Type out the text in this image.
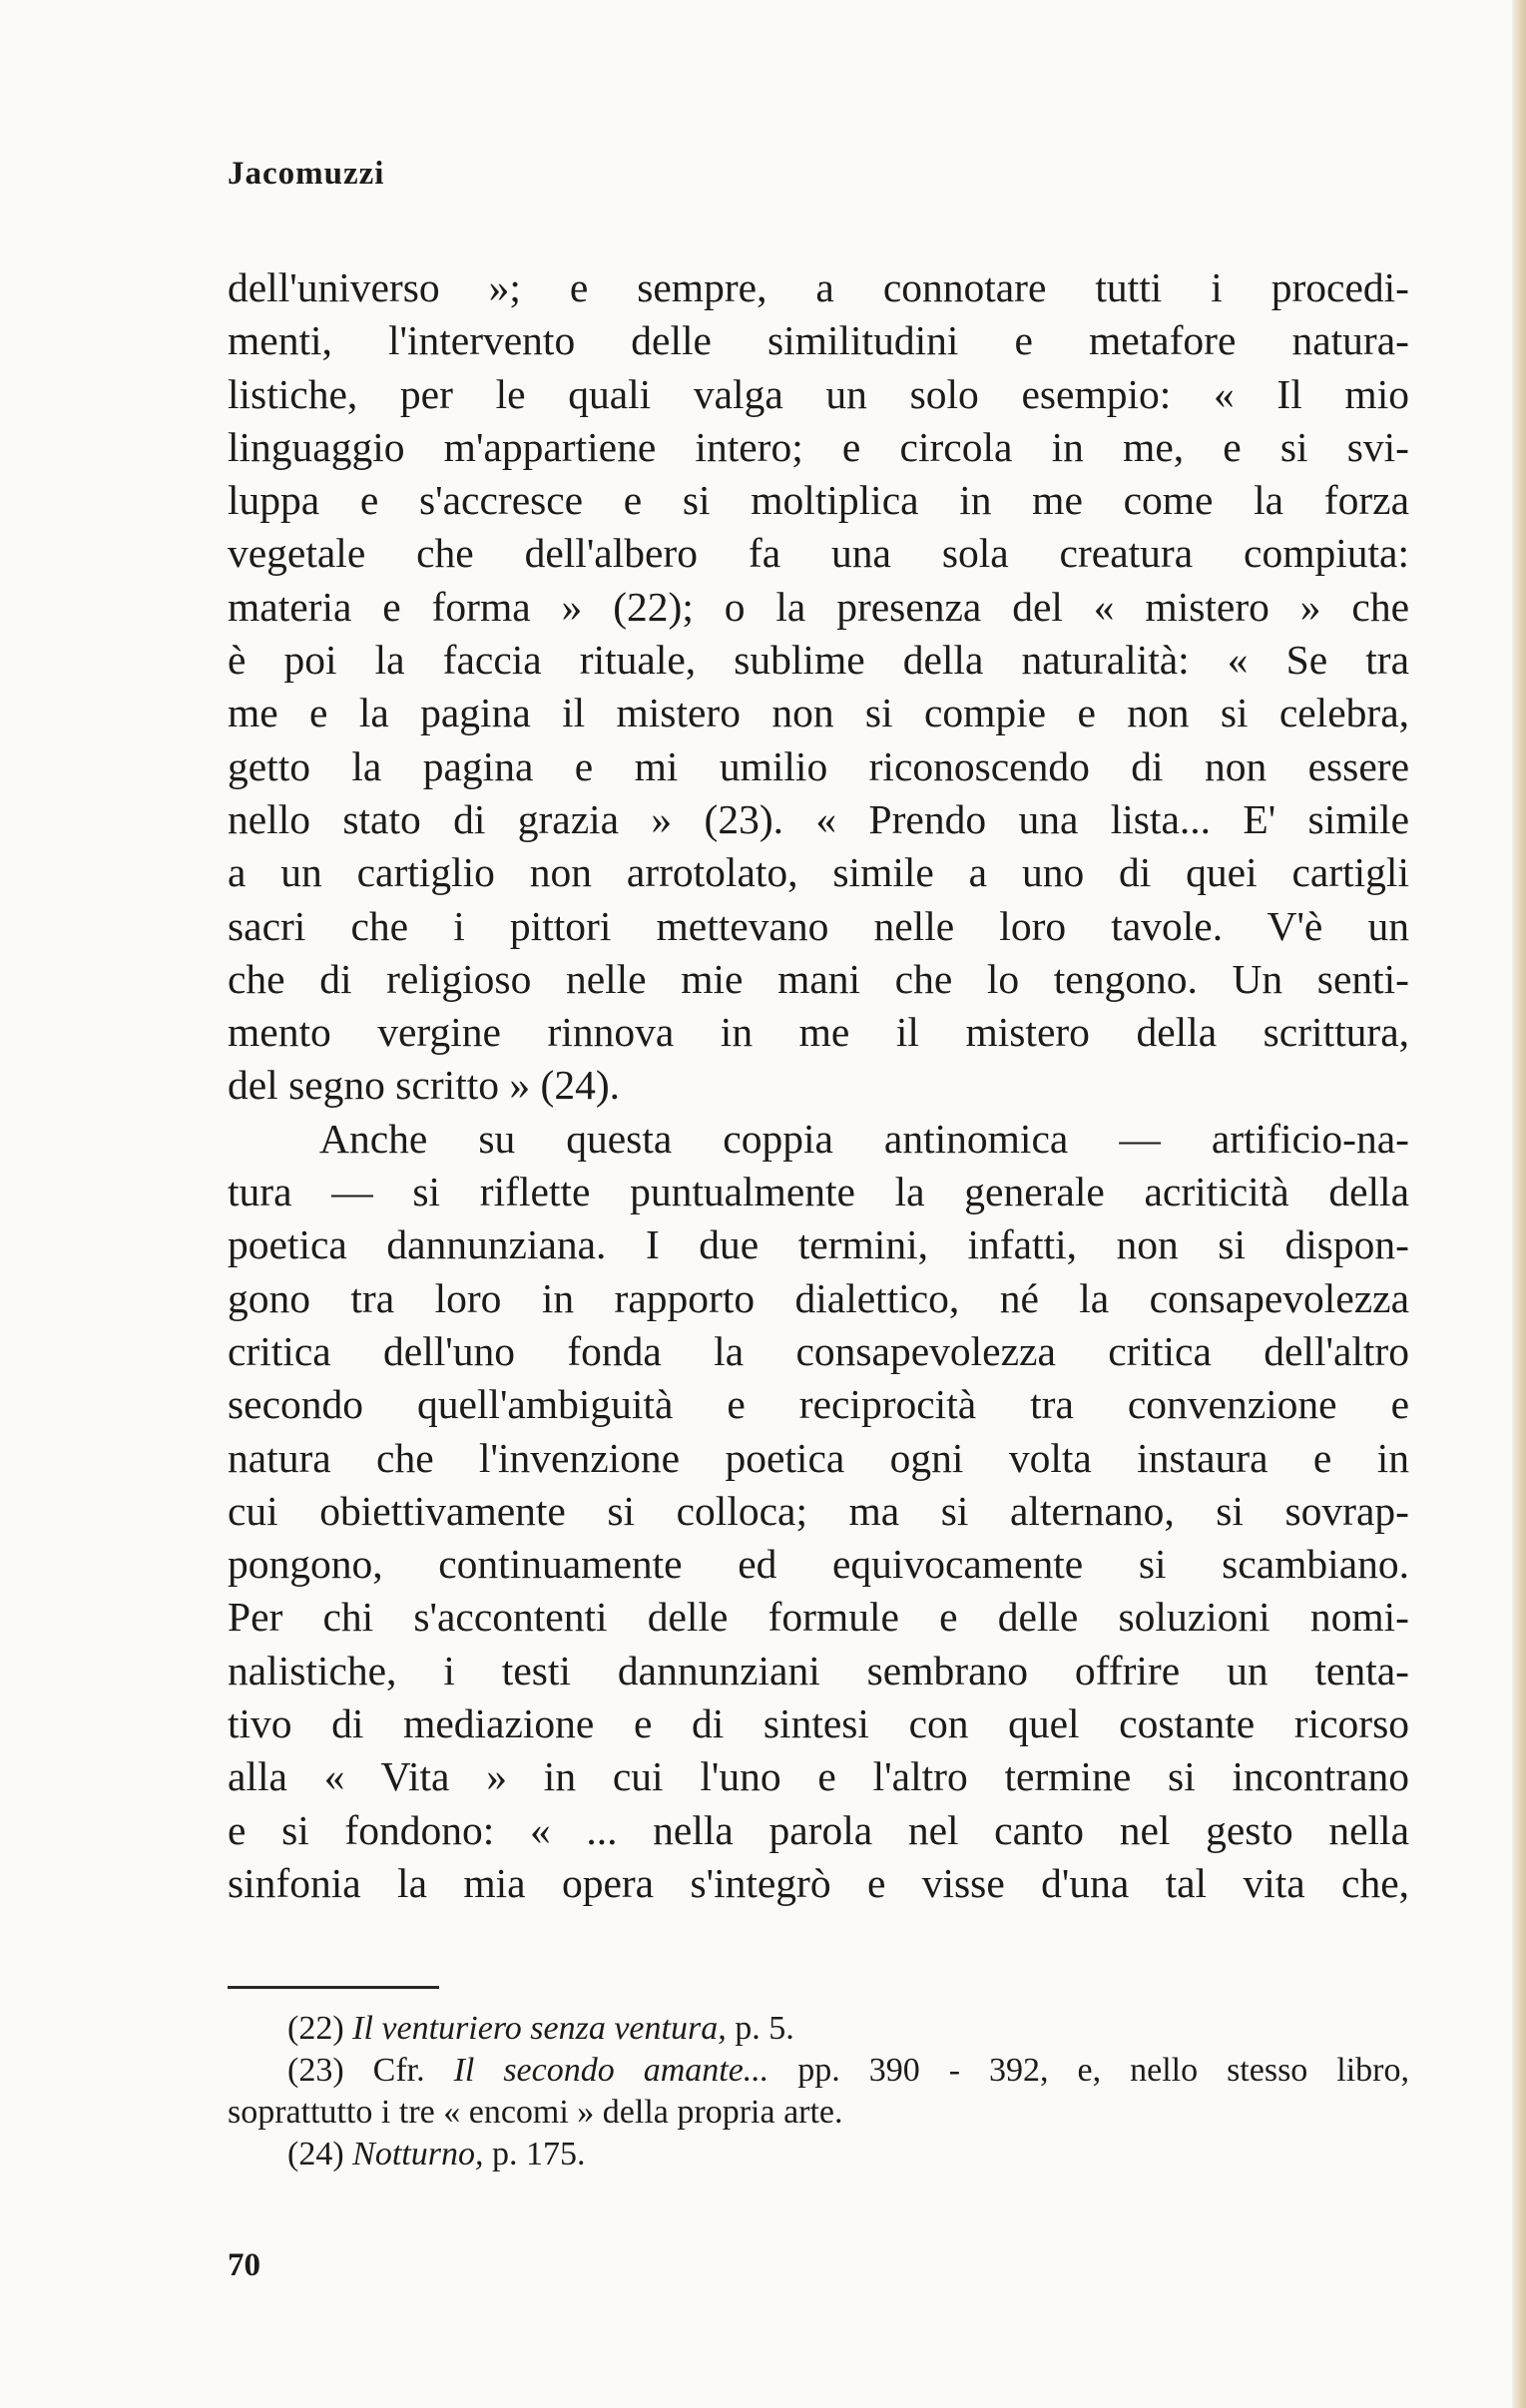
Jacomuzzi

dell'universo »; e sempre, a connotare tutti i procedi-
menti, l'intervento delle similitudini e metafore natura-
listiche, per le quali valga un solo esempio: « Il mio
linguaggio m'appartiene intero; e circola in me, e si svi-
luppa e s'accresce e si moltiplica in me come la forza
vegetale che dell'albero fa una sola creatura compiuta:
materia e forma » (22); o la presenza del « mistero » che
è poi la faccia rituale, sublime della naturalità: « Se tra
me e la pagina il mistero non si compie e non si celebra,
getto la pagina e mi umilio riconoscendo di non essere
nello stato di grazia » (23). « Prendo una lista... E' simile
a un cartiglio non arrotolato, simile a uno di quei cartigli
sacri che i pittori mettevano nelle loro tavole. V'è un
che di religioso nelle mie mani che lo tengono. Un senti-
mento vergine rinnova in me il mistero della scrittura,
del segno scritto » (24).

Anche su questa coppia antinomica — artificio-na-
tura — si riflette puntualmente la generale acriticità della
poetica dannunziana. I due termini, infatti, non si dispon-
gono tra loro in rapporto dialettico, né la consapevolezza
critica dell'uno fonda la consapevolezza critica dell'altro
secondo quell'ambiguità e reciprocità tra convenzione e
natura che l'invenzione poetica ogni volta instaura e in
cui obiettivamente si colloca; ma si alternano, si sovrap-
pongono, continuamente ed equivocamente si scambiano.
Per chi s'accontenti delle formule e delle soluzioni nomi-
nalistiche, i testi dannunziani sembrano offrire un tenta-
tivo di mediazione e di sintesi con quel costante ricorso
alla « Vita » in cui l'uno e l'altro termine si incontrano
e si fondono: « ... nella parola nel canto nel gesto nella
sinfonia la mia opera s'integrò e visse d'una tal vita che,

(22) Il venturiero senza ventura, p. 5.
(23) Cfr. Il secondo amante... pp. 390 - 392, e, nello stesso libro,
soprattutto i tre « encomi » della propria arte.
(24) Notturno, p. 175.
70
